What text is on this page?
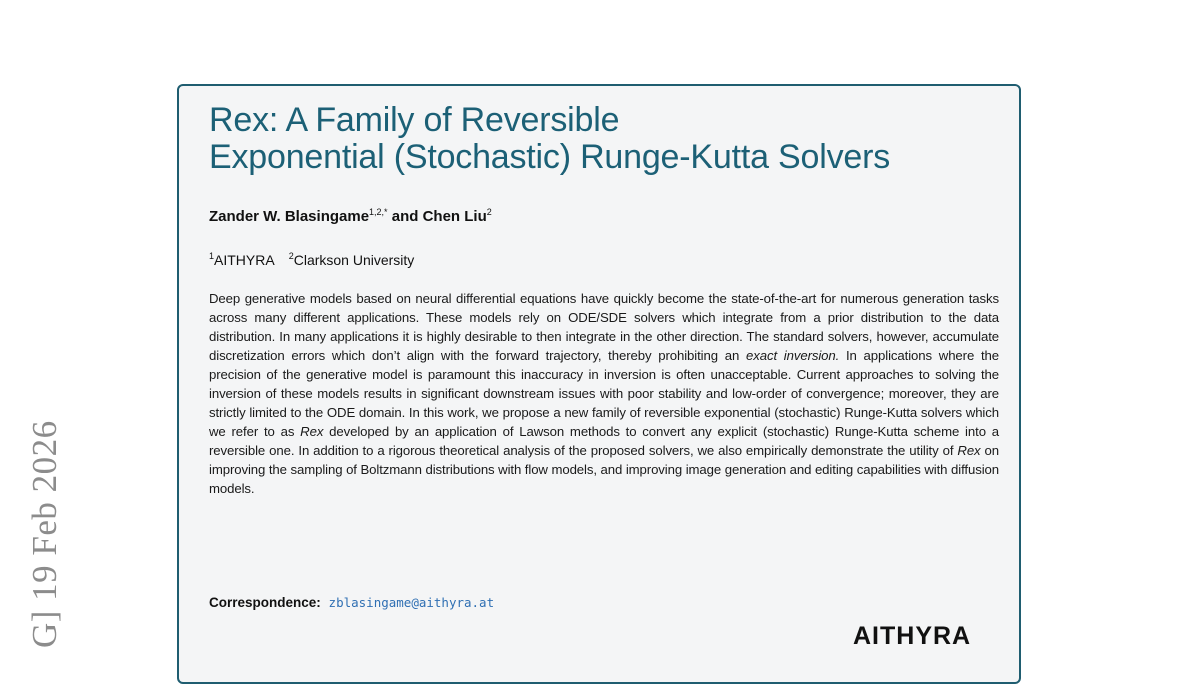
G] 19 Feb 2026
Rex: A Family of Reversible
Exponential (Stochastic) Runge-Kutta Solvers
Zander W. Blasingame$^{1,2,*}$ and Chen Liu$^2$
$^1$AITHYRA $^2$Clarkson University

Deep generative models based on neural differential equations have quickly become the state-of-the-art for numerous generation tasks across many different applications. These models rely on ODE/SDE solvers which integrate from a prior distribution to the data distribution. In many applications it is highly desirable to then integrate in the other direction. The standard solvers, however, accumulate discretization errors which don’t align with the forward trajectory, thereby prohibiting an exact inversion. In applications where the precision of the generative model is paramount this inaccuracy in inversion is often unacceptable. Current approaches to solving the inversion of these models results in significant downstream issues with poor stability and low-order of convergence; moreover, they are strictly limited to the ODE domain. In this work, we propose a new family of reversible exponential (stochastic) Runge-Kutta solvers which we refer to as Rex developed by an application of Lawson methods to convert any explicit (stochastic) Runge-Kutta scheme into a reversible one. In addition to a rigorous theoretical analysis of the proposed solvers, we also empirically demonstrate the utility of Rex on improving the sampling of Boltzmann distributions with flow models, and improving image generation and editing capabilities with diffusion models.

Correspondence: zblasingame@aithyra.at
AITHYRA
